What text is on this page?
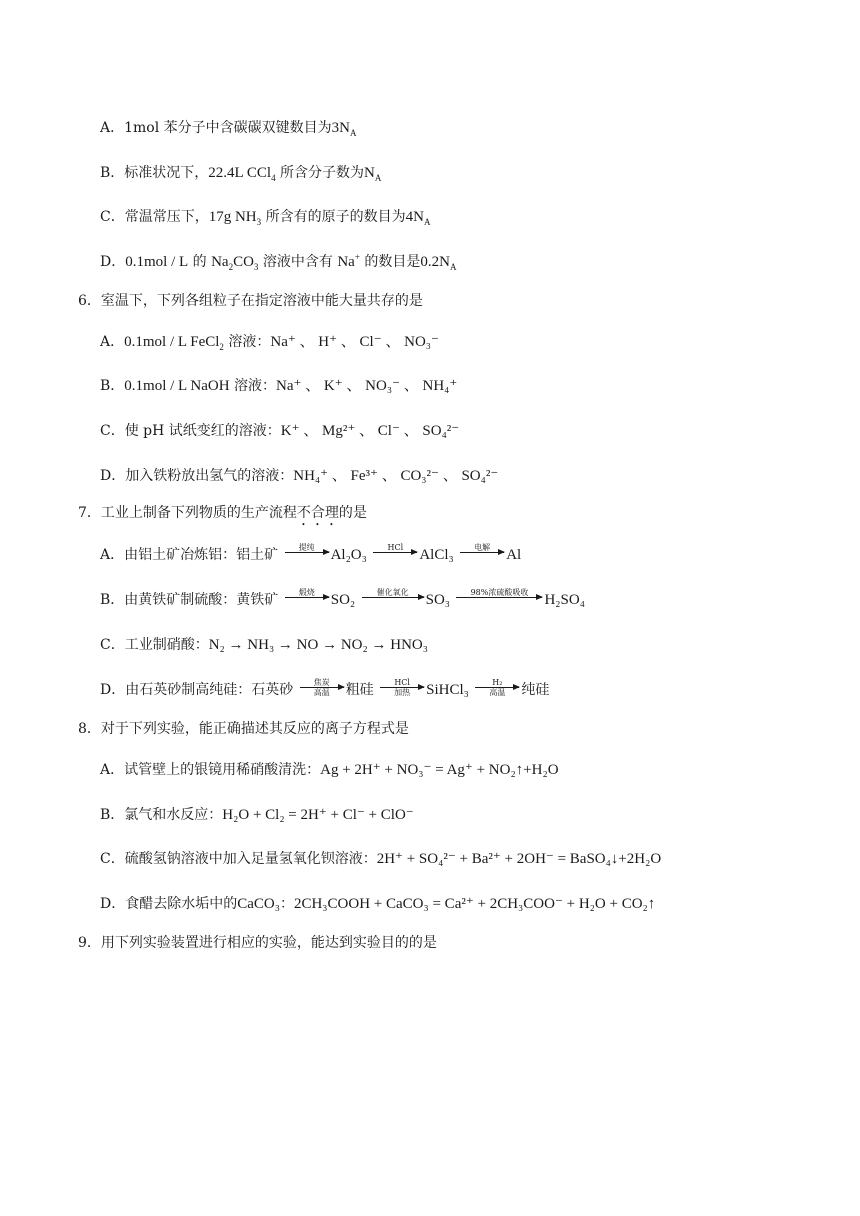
A．1mol 苯分子中含碳碳双键数目为$3N_A$
B．标准状况下，22.4L CCl$_4$ 所含分子数为$N_A$
C．常温常压下，17g $NH_3$ 所含有的原子的数目为$4N_A$
D．0.1mol / L 的 $Na_2CO_3$ 溶液中含有 Na+ 的数目是$0.2N_A$
6．室温下，下列各组粒子在指定溶液中能大量共存的是
A．0.1mol / L FeCl$_2$ 溶液：Na⁺ 、 H⁺ 、 Cl⁻ 、 NO₃⁻
B．0.1mol / L NaOH 溶液：Na⁺ 、 K⁺ 、 NO₃⁻ 、 NH₄⁺
C．使 pH 试纸变红的溶液：K⁺ 、 Mg²⁺ 、 Cl⁻ 、 SO₄²⁻
D．加入铁粉放出氢气的溶液：NH₄⁺ 、 Fe³⁺ 、 CO₃²⁻ 、 SO₄²⁻
7．工业上制备下列物质的生产流程不合理的是
A．由铝土矿冶炼铝：铝土矿	提纯 Al₂O₃	HCl AlCl₃	电解 Al
B．由黄铁矿制硫酸：黄铁矿	煅烧 SO₂	催化氧化 SO₃	98%浓硫酸吸收 H₂SO₄
C．工业制硝酸：N₂ → NH₃ → NO → NO₂ → HNO₃
D．由石英砂制高纯硅：石英砂	焦炭
高温 粗硅	HCl
加热 SiHCl₃	H₂
高温 纯硅
8．对于下列实验，能正确描述其反应的离子方程式是
A．试管壁上的银镜用稀硝酸清洗：Ag + 2H⁺ + NO₃⁻ = Ag⁺ + NO₂↑+H₂O
B．氯气和水反应：H₂O + Cl₂ = 2H⁺ + Cl⁻ + ClO⁻
C．硫酸氢钠溶液中加入足量氢氧化钡溶液：2H⁺ + SO₄²⁻ + Ba²⁺ + 2OH⁻ = BaSO₄↓+2H₂O
D．食醋去除水垢中的CaCO₃：2CH₃COOH + CaCO₃ = Ca²⁺ + 2CH₃COO⁻ + H₂O + CO₂↑
9．用下列实验装置进行相应的实验，能达到实验目的的是
